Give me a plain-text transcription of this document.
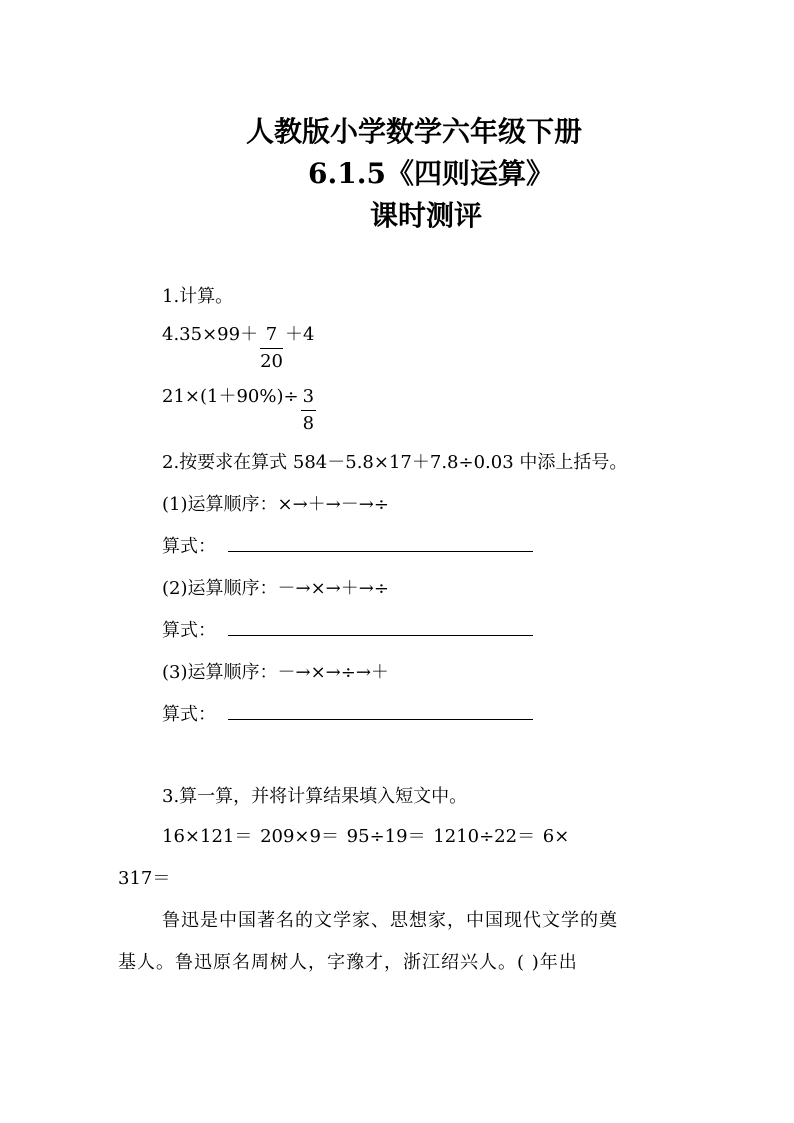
人教版小学数学六年级下册
6.1.5《四则运算》
课时测评
1.计算。
$4.35\times 99+ \frac{7}{20} +4$
$21\times(1+90\%)\div \frac{3}{8}$
2.按要求在算式 584－5.8×17＋7.8÷0.03 中添上括号。
(1)运算顺序：×→＋→－→÷
算式：
(2)运算顺序：－→×→＋→÷
算式：
(3)运算顺序：－→×→÷→＋
算式：
3.算一算，并将计算结果填入短文中。
16×121＝ 209×9＝ 95÷19＝ 1210÷22＝ 6×
317＝
鲁迅是中国著名的文学家、思想家，中国现代文学的奠
基人。鲁迅原名周树人，字豫才，浙江绍兴人。( )年出
